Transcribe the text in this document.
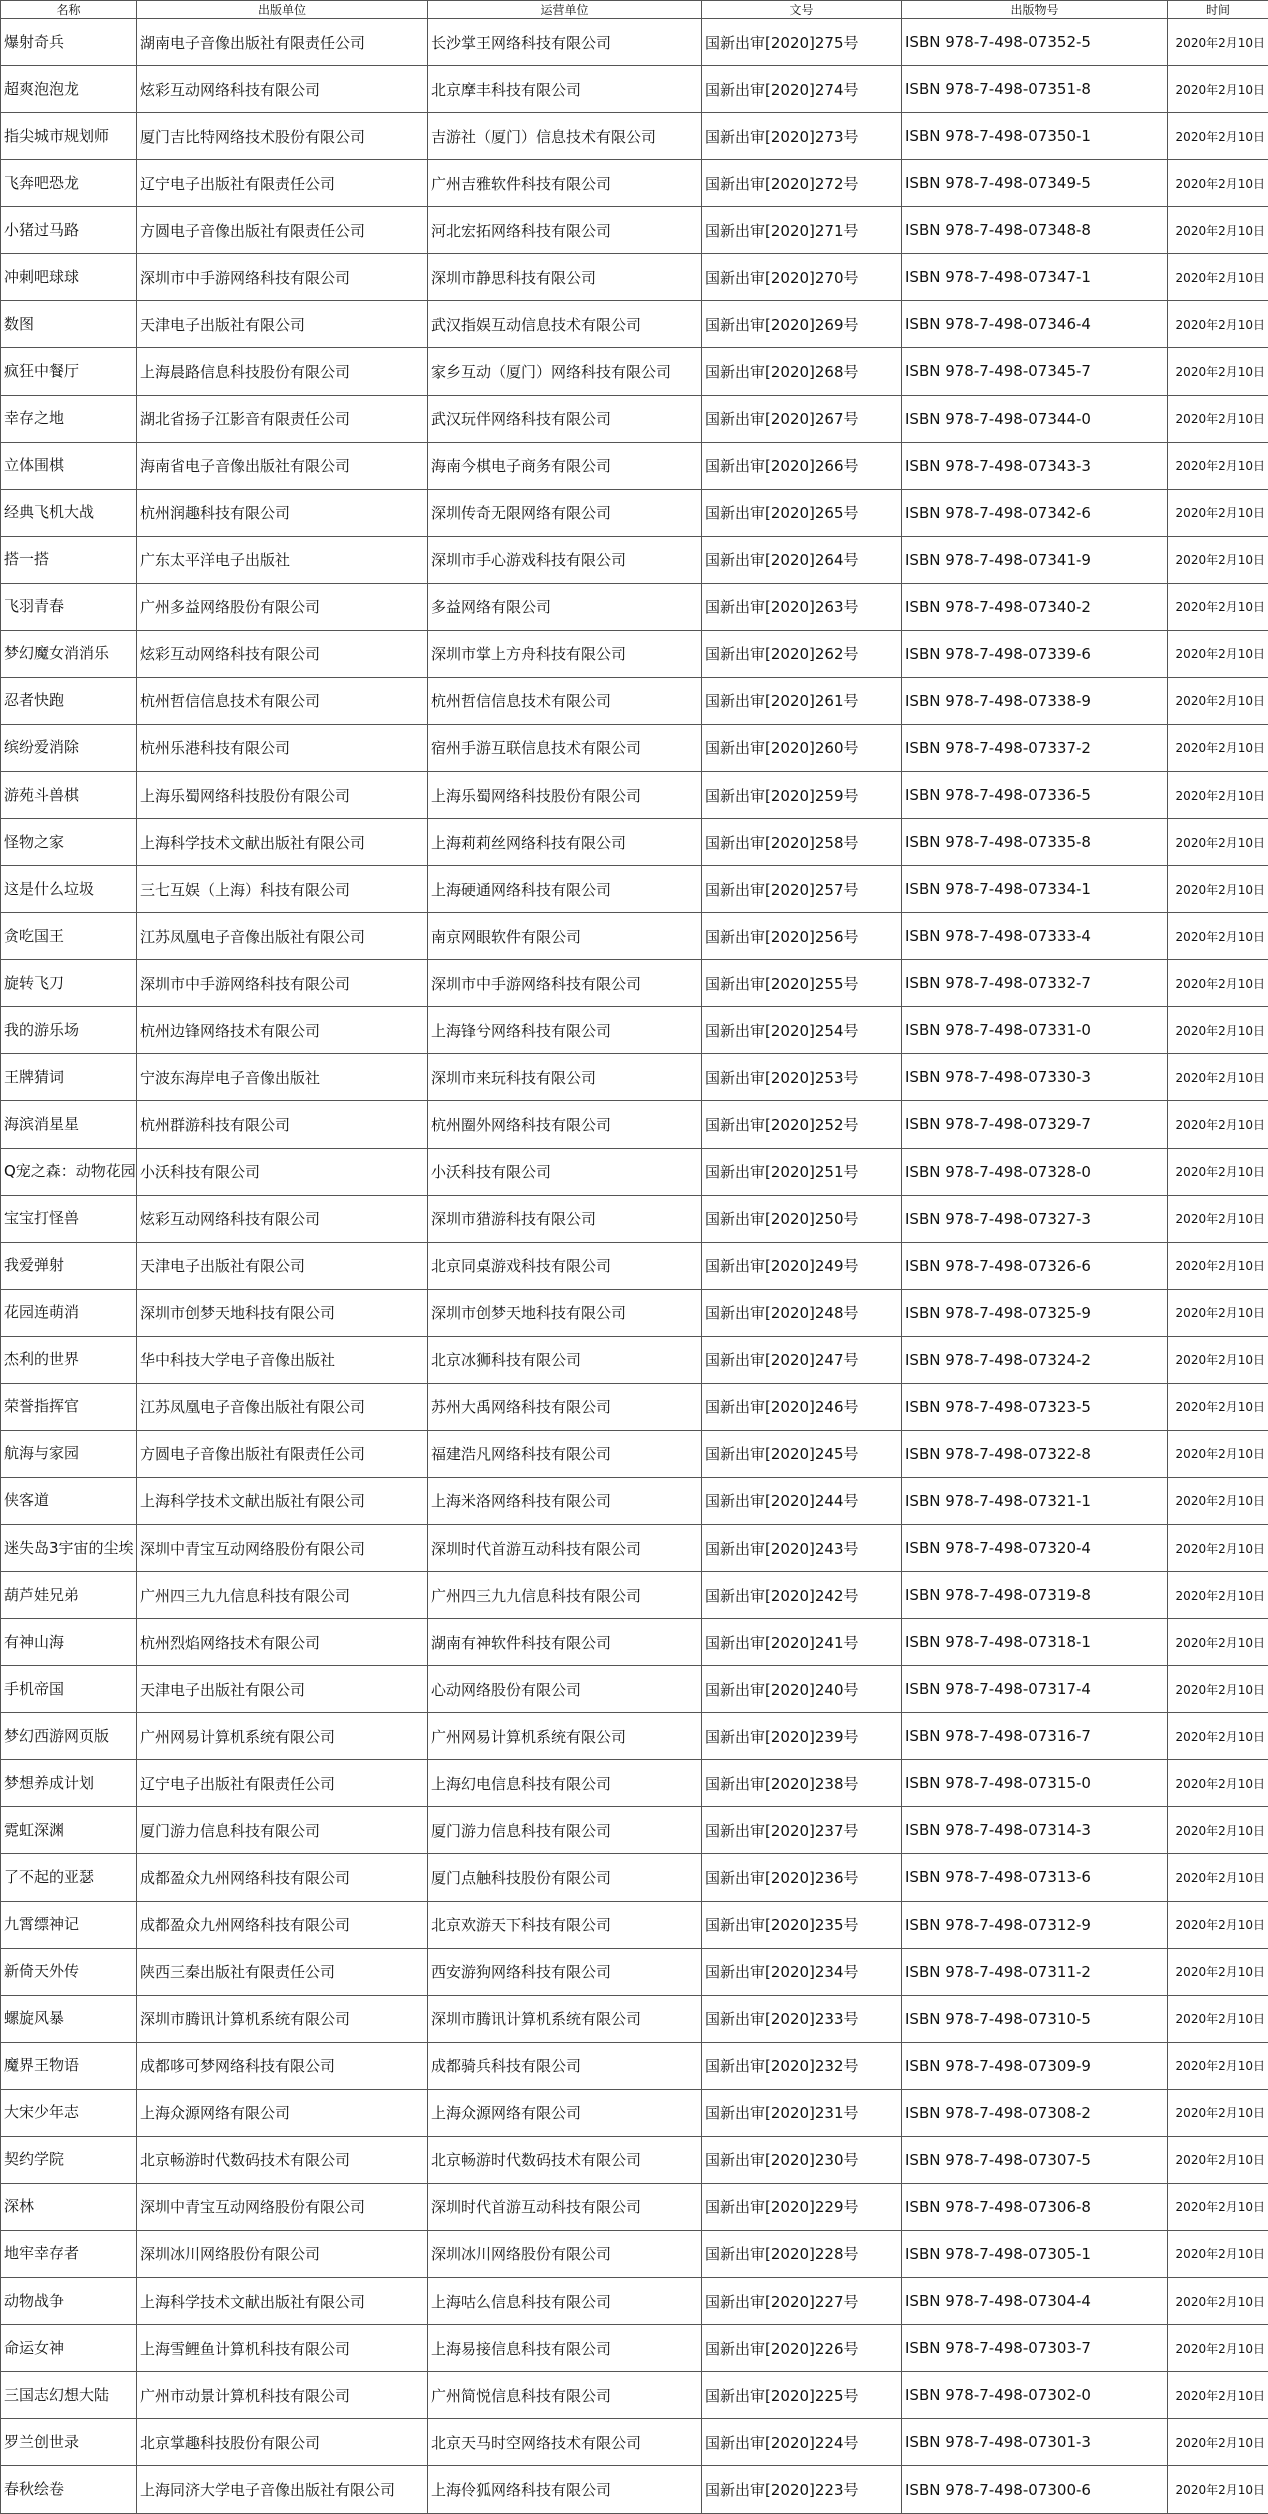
名称	出版单位	运营单位	文号	出版物号	时间
爆射奇兵	湖南电子音像出版社有限责任公司	长沙掌王网络科技有限公司	国新出审[2020]275号	ISBN 978-7-498-07352-5	2020年2月10日
超爽泡泡龙	炫彩互动网络科技有限公司	北京摩丰科技有限公司	国新出审[2020]274号	ISBN 978-7-498-07351-8	2020年2月10日
指尖城市规划师	厦门吉比特网络技术股份有限公司	吉游社（厦门）信息技术有限公司	国新出审[2020]273号	ISBN 978-7-498-07350-1	2020年2月10日
飞奔吧恐龙	辽宁电子出版社有限责任公司	广州吉雅软件科技有限公司	国新出审[2020]272号	ISBN 978-7-498-07349-5	2020年2月10日
小猪过马路	方圆电子音像出版社有限责任公司	河北宏拓网络科技有限公司	国新出审[2020]271号	ISBN 978-7-498-07348-8	2020年2月10日
冲刺吧球球	深圳市中手游网络科技有限公司	深圳市静思科技有限公司	国新出审[2020]270号	ISBN 978-7-498-07347-1	2020年2月10日
数图	天津电子出版社有限公司	武汉指娱互动信息技术有限公司	国新出审[2020]269号	ISBN 978-7-498-07346-4	2020年2月10日
疯狂中餐厅	上海晨路信息科技股份有限公司	家乡互动（厦门）网络科技有限公司	国新出审[2020]268号	ISBN 978-7-498-07345-7	2020年2月10日
幸存之地	湖北省扬子江影音有限责任公司	武汉玩伴网络科技有限公司	国新出审[2020]267号	ISBN 978-7-498-07344-0	2020年2月10日
立体围棋	海南省电子音像出版社有限公司	海南今棋电子商务有限公司	国新出审[2020]266号	ISBN 978-7-498-07343-3	2020年2月10日
经典飞机大战	杭州润趣科技有限公司	深圳传奇无限网络有限公司	国新出审[2020]265号	ISBN 978-7-498-07342-6	2020年2月10日
搭一搭	广东太平洋电子出版社	深圳市手心游戏科技有限公司	国新出审[2020]264号	ISBN 978-7-498-07341-9	2020年2月10日
飞羽青春	广州多益网络股份有限公司	多益网络有限公司	国新出审[2020]263号	ISBN 978-7-498-07340-2	2020年2月10日
梦幻魔女消消乐	炫彩互动网络科技有限公司	深圳市掌上方舟科技有限公司	国新出审[2020]262号	ISBN 978-7-498-07339-6	2020年2月10日
忍者快跑	杭州哲信信息技术有限公司	杭州哲信信息技术有限公司	国新出审[2020]261号	ISBN 978-7-498-07338-9	2020年2月10日
缤纷爱消除	杭州乐港科技有限公司	宿州手游互联信息技术有限公司	国新出审[2020]260号	ISBN 978-7-498-07337-2	2020年2月10日
游苑斗兽棋	上海乐蜀网络科技股份有限公司	上海乐蜀网络科技股份有限公司	国新出审[2020]259号	ISBN 978-7-498-07336-5	2020年2月10日
怪物之家	上海科学技术文献出版社有限公司	上海莉莉丝网络科技有限公司	国新出审[2020]258号	ISBN 978-7-498-07335-8	2020年2月10日
这是什么垃圾	三七互娱（上海）科技有限公司	上海硬通网络科技有限公司	国新出审[2020]257号	ISBN 978-7-498-07334-1	2020年2月10日
贪吃国王	江苏凤凰电子音像出版社有限公司	南京网眼软件有限公司	国新出审[2020]256号	ISBN 978-7-498-07333-4	2020年2月10日
旋转飞刀	深圳市中手游网络科技有限公司	深圳市中手游网络科技有限公司	国新出审[2020]255号	ISBN 978-7-498-07332-7	2020年2月10日
我的游乐场	杭州边锋网络技术有限公司	上海锋兮网络科技有限公司	国新出审[2020]254号	ISBN 978-7-498-07331-0	2020年2月10日
王牌猜词	宁波东海岸电子音像出版社	深圳市来玩科技有限公司	国新出审[2020]253号	ISBN 978-7-498-07330-3	2020年2月10日
海滨消星星	杭州群游科技有限公司	杭州圈外网络科技有限公司	国新出审[2020]252号	ISBN 978-7-498-07329-7	2020年2月10日
Q宠之森：动物花园	小沃科技有限公司	小沃科技有限公司	国新出审[2020]251号	ISBN 978-7-498-07328-0	2020年2月10日
宝宝打怪兽	炫彩互动网络科技有限公司	深圳市猎游科技有限公司	国新出审[2020]250号	ISBN 978-7-498-07327-3	2020年2月10日
我爱弹射	天津电子出版社有限公司	北京同桌游戏科技有限公司	国新出审[2020]249号	ISBN 978-7-498-07326-6	2020年2月10日
花园连萌消	深圳市创梦天地科技有限公司	深圳市创梦天地科技有限公司	国新出审[2020]248号	ISBN 978-7-498-07325-9	2020年2月10日
杰利的世界	华中科技大学电子音像出版社	北京冰狮科技有限公司	国新出审[2020]247号	ISBN 978-7-498-07324-2	2020年2月10日
荣誉指挥官	江苏凤凰电子音像出版社有限公司	苏州大禹网络科技有限公司	国新出审[2020]246号	ISBN 978-7-498-07323-5	2020年2月10日
航海与家园	方圆电子音像出版社有限责任公司	福建浩凡网络科技有限公司	国新出审[2020]245号	ISBN 978-7-498-07322-8	2020年2月10日
侠客道	上海科学技术文献出版社有限公司	上海米洛网络科技有限公司	国新出审[2020]244号	ISBN 978-7-498-07321-1	2020年2月10日
迷失岛3宇宙的尘埃	深圳中青宝互动网络股份有限公司	深圳时代首游互动科技有限公司	国新出审[2020]243号	ISBN 978-7-498-07320-4	2020年2月10日
葫芦娃兄弟	广州四三九九信息科技有限公司	广州四三九九信息科技有限公司	国新出审[2020]242号	ISBN 978-7-498-07319-8	2020年2月10日
有神山海	杭州烈焰网络技术有限公司	湖南有神软件科技有限公司	国新出审[2020]241号	ISBN 978-7-498-07318-1	2020年2月10日
手机帝国	天津电子出版社有限公司	心动网络股份有限公司	国新出审[2020]240号	ISBN 978-7-498-07317-4	2020年2月10日
梦幻西游网页版	广州网易计算机系统有限公司	广州网易计算机系统有限公司	国新出审[2020]239号	ISBN 978-7-498-07316-7	2020年2月10日
梦想养成计划	辽宁电子出版社有限责任公司	上海幻电信息科技有限公司	国新出审[2020]238号	ISBN 978-7-498-07315-0	2020年2月10日
霓虹深渊	厦门游力信息科技有限公司	厦门游力信息科技有限公司	国新出审[2020]237号	ISBN 978-7-498-07314-3	2020年2月10日
了不起的亚瑟	成都盈众九州网络科技有限公司	厦门点触科技股份有限公司	国新出审[2020]236号	ISBN 978-7-498-07313-6	2020年2月10日
九霄缥神记	成都盈众九州网络科技有限公司	北京欢游天下科技有限公司	国新出审[2020]235号	ISBN 978-7-498-07312-9	2020年2月10日
新倚天外传	陕西三秦出版社有限责任公司	西安游狗网络科技有限公司	国新出审[2020]234号	ISBN 978-7-498-07311-2	2020年2月10日
螺旋风暴	深圳市腾讯计算机系统有限公司	深圳市腾讯计算机系统有限公司	国新出审[2020]233号	ISBN 978-7-498-07310-5	2020年2月10日
魔界王物语	成都哆可梦网络科技有限公司	成都骑兵科技有限公司	国新出审[2020]232号	ISBN 978-7-498-07309-9	2020年2月10日
大宋少年志	上海众源网络有限公司	上海众源网络有限公司	国新出审[2020]231号	ISBN 978-7-498-07308-2	2020年2月10日
契约学院	北京畅游时代数码技术有限公司	北京畅游时代数码技术有限公司	国新出审[2020]230号	ISBN 978-7-498-07307-5	2020年2月10日
深林	深圳中青宝互动网络股份有限公司	深圳时代首游互动科技有限公司	国新出审[2020]229号	ISBN 978-7-498-07306-8	2020年2月10日
地牢幸存者	深圳冰川网络股份有限公司	深圳冰川网络股份有限公司	国新出审[2020]228号	ISBN 978-7-498-07305-1	2020年2月10日
动物战争	上海科学技术文献出版社有限公司	上海咕么信息科技有限公司	国新出审[2020]227号	ISBN 978-7-498-07304-4	2020年2月10日
命运女神	上海雪鲤鱼计算机科技有限公司	上海易接信息科技有限公司	国新出审[2020]226号	ISBN 978-7-498-07303-7	2020年2月10日
三国志幻想大陆	广州市动景计算机科技有限公司	广州简悦信息科技有限公司	国新出审[2020]225号	ISBN 978-7-498-07302-0	2020年2月10日
罗兰创世录	北京掌趣科技股份有限公司	北京天马时空网络技术有限公司	国新出审[2020]224号	ISBN 978-7-498-07301-3	2020年2月10日
春秋绘卷	上海同济大学电子音像出版社有限公司	上海伶狐网络科技有限公司	国新出审[2020]223号	ISBN 978-7-498-07300-6	2020年2月10日
